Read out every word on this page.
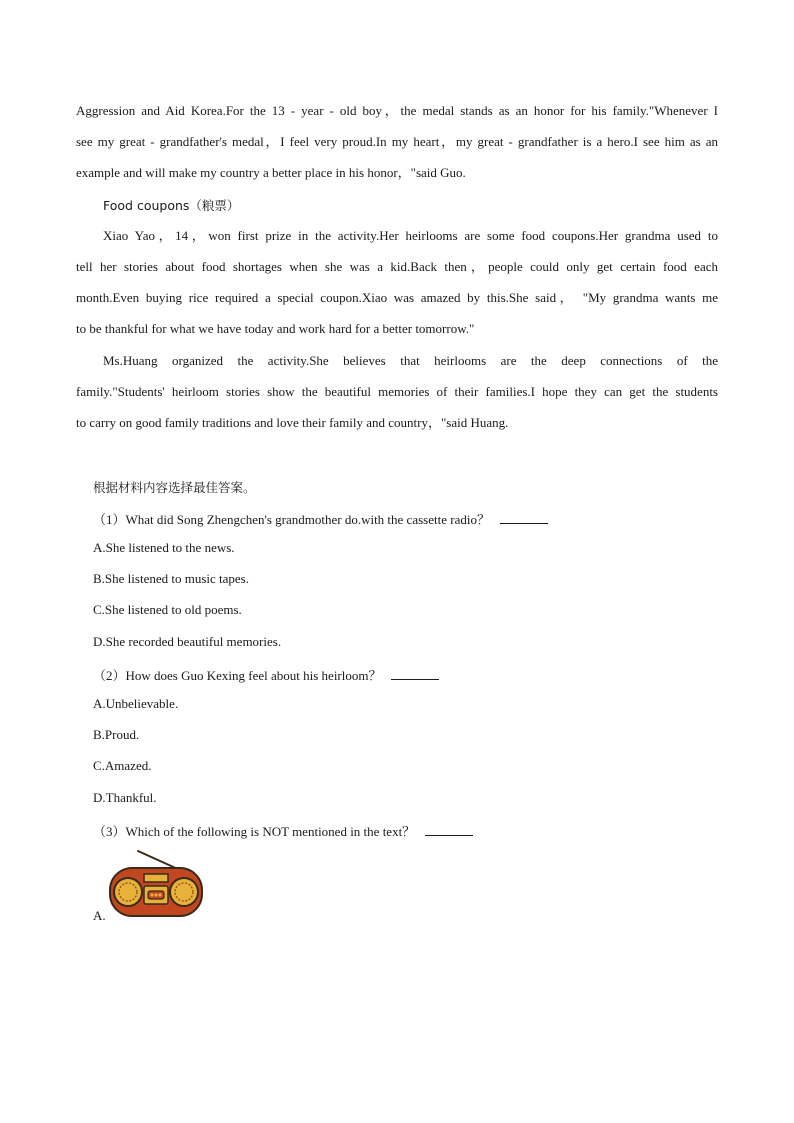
Aggression and Aid Korea.For the 13 - year - old boy，the medal stands as an honor for his family."Whenever I
see my great - grandfather's medal，I feel very proud.In my heart，my great - grandfather is a hero.I see him as an
example and will make my country a better place in his honor，"said Guo.

Food coupons（粮票）

Xiao Yao，14，won first prize in the activity.Her heirlooms are some food coupons.Her grandma used to
tell her stories about food shortages when she was a kid.Back then，people could only get certain food each
month.Even buying rice required a special coupon.Xiao was amazed by this.She said， "My grandma wants me
to be thankful for what we have today and work hard for a better tomorrow."
Ms.Huang organized the activity.She believes that heirlooms are the deep connections of the
family."Students' heirloom stories show the beautiful memories of their families.I hope they can get the students
to carry on good family traditions and love their family and country，"said Huang.

根据材料内容选择最佳答案。

（1）What did Song Zhengchen's grandmother do.with the cassette radio？

A.She listened to the news.

B.She listened to music tapes.

C.She listened to old poems.

D.She recorded beautiful memories.

（2）How does Guo Kexing feel about his heirloom？

A.Unbelievable.

B.Proud.

C.Amazed.

D.Thankful.

（3）Which of the following is NOT mentioned in the text？

A.
